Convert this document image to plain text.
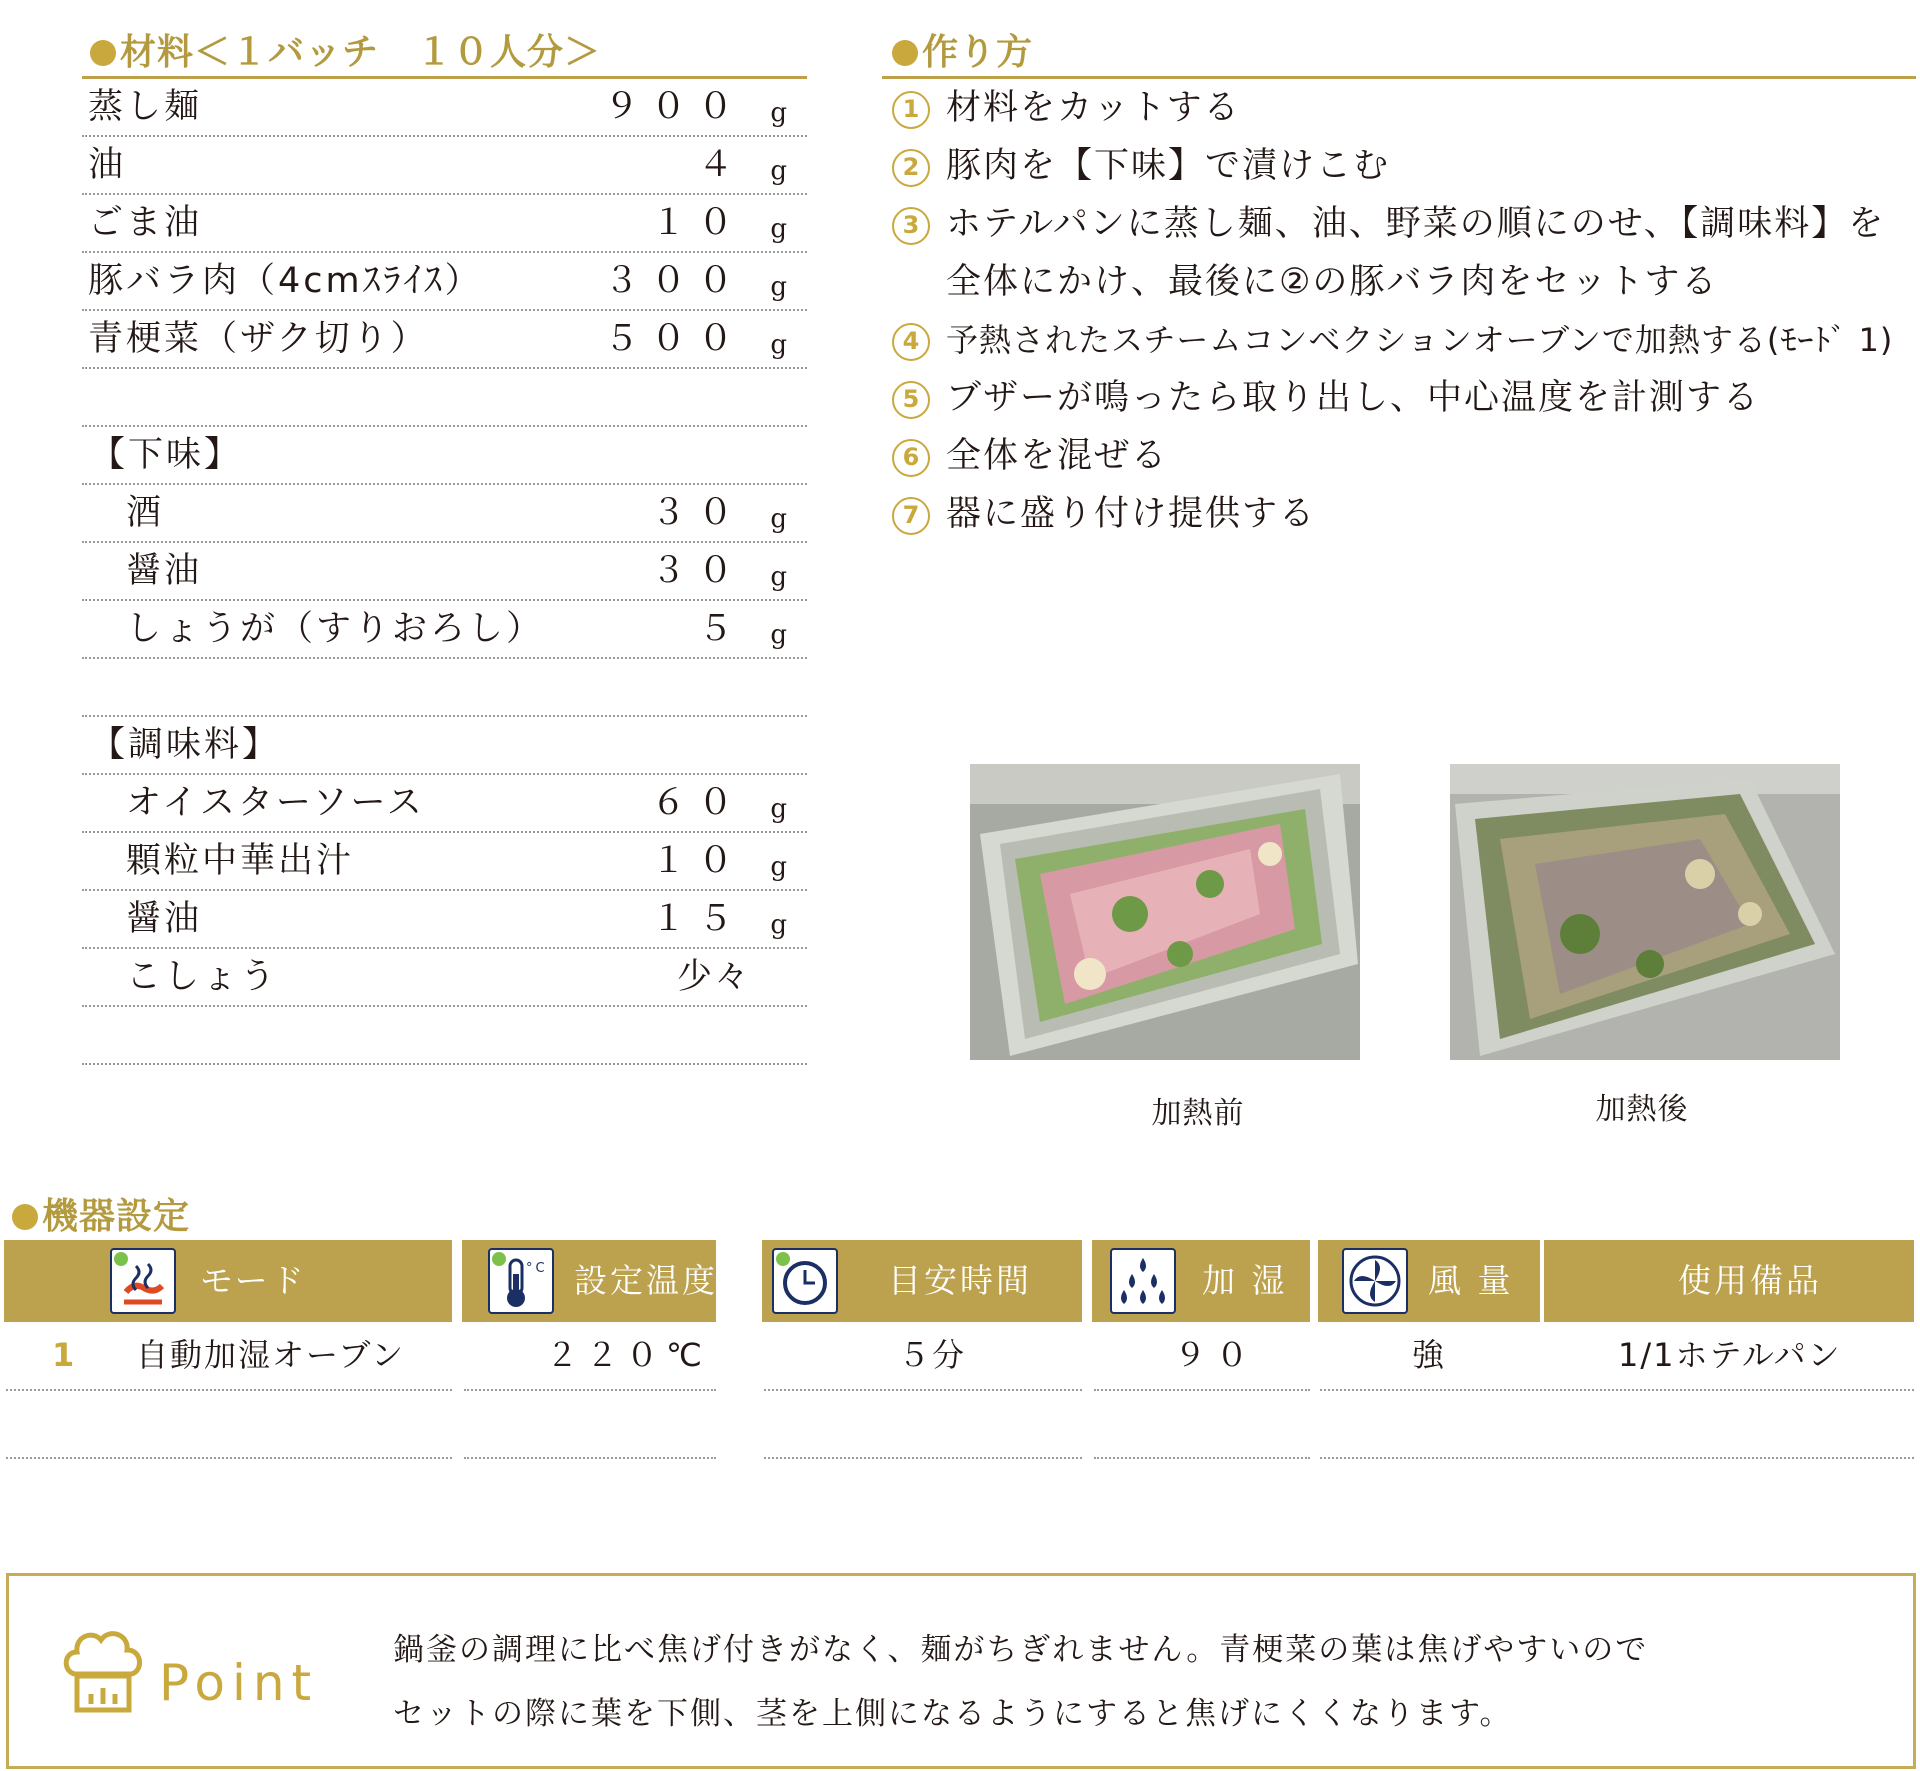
材料＜１バッチ　１０人分＞
蒸し麺	９００ g
油	４ g
ごま油	１０ g
豚バラ肉（4cmｽﾗｲｽ）	３００ g
青梗菜（ザク切り）	５００ g
【下味】
酒	３０ g
醤油	３０ g
しょうが（すりおろし）	５ g
【調味料】
オイスターソース	６０ g
顆粒中華出汁	１０ g
醤油	１５ g
こしょう	少々
作り方
1 材料をカットする
2 豚肉を【下味】で漬けこむ
3 ホテルパンに蒸し麺、油、野菜の順にのせ、【調味料】を
全体にかけ、最後に②の豚バラ肉をセットする
4 予熱されたスチームコンベクションオーブンで加熱する(ﾓｰﾄﾞ 1)
5 ブザーが鳴ったら取り出し、中心温度を計測する
6 全体を混ぜる
7 器に盛り付け提供する
加熱前	加熱後
機器設定
モード	°C 設定温度	目安時間	加 湿	風 量	使用備品
1 自動加湿オーブン	２２０℃	５分	９０	強	1/1ホテルパン
Point
鍋釜の調理に比べ焦げ付きがなく、麺がちぎれません。青梗菜の葉は焦げやすいので
セットの際に葉を下側、茎を上側になるようにすると焦げにくくなります。
